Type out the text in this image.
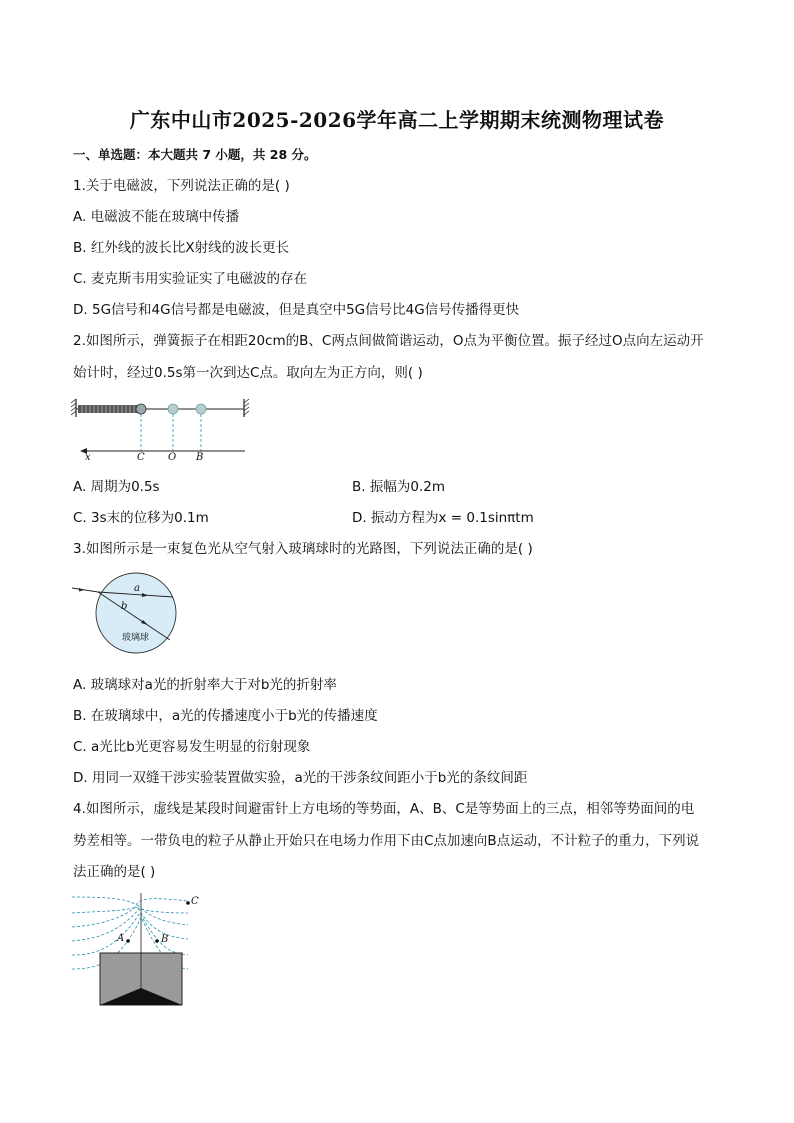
广东中山市2025-2026学年高二上学期期末统测物理试卷
一、单选题：本大题共 7 小题，共 28 分。
1.关于电磁波，下列说法正确的是( )
A. 电磁波不能在玻璃中传播
B. 红外线的波长比X射线的波长更长
C. 麦克斯韦用实验证实了电磁波的存在
D. 5G信号和4G信号都是电磁波，但是真空中5G信号比4G信号传播得更快
2.如图所示，弹簧振子在相距20cm的B、C两点间做简谐运动，O点为平衡位置。振子经过O点向左运动开
始计时，经过0.5s第一次到达C点。取向左为正方向，则( )
x	C O B
A. 周期为0.5s	B. 振幅为0.2m
C. 3s末的位移为0.1m	D. 振动方程为x = 0.1sinπtm
3.如图所示是一束复色光从空气射入玻璃球时的光路图，下列说法正确的是( )
a
b
玻璃球
A. 玻璃球对a光的折射率大于对b光的折射率
B. 在玻璃球中，a光的传播速度小于b光的传播速度
C. a光比b光更容易发生明显的衍射现象
D. 用同一双缝干涉实验装置做实验，a光的干涉条纹间距小于b光的条纹间距
4.如图所示，虚线是某段时间避雷针上方电场的等势面，A、B、C是等势面上的三点，相邻等势面间的电
势差相等。一带负电的粒子从静止开始只在电场力作用下由C点加速向B点运动，不计粒子的重力，下列说
法正确的是( )
C
A	B
